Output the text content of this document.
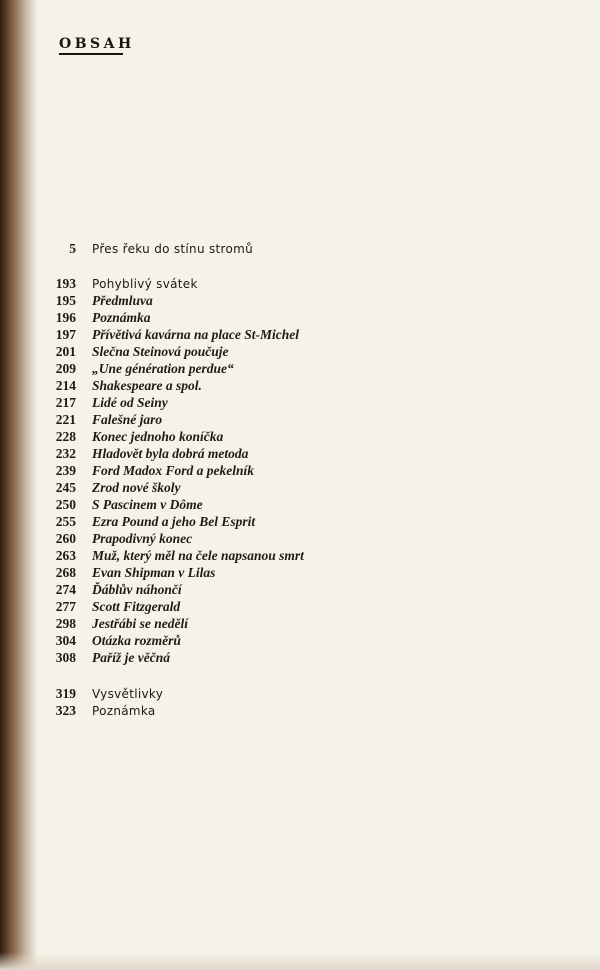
OBSAH
5 Přes řeku do stínu stromů
193 Pohyblivý svátek
195 Předmluva
196 Poznámka
197 Přívětivá kavárna na place St-Michel
201 Slečna Steinová poučuje
209 „Une génération perdue“
214 Shakespeare a spol.
217 Lidé od Seiny
221 Falešné jaro
228 Konec jednoho koníčka
232 Hladovět byla dobrá metoda
239 Ford Madox Ford a pekelník
245 Zrod nové školy
250 S Pascinem v Dôme
255 Ezra Pound a jeho Bel Esprit
260 Prapodivný konec
263 Muž, který měl na čele napsanou smrt
268 Evan Shipman v Lilas
274 Ďáblův náhončí
277 Scott Fitzgerald
298 Jestřábi se nedělí
304 Otázka rozměrů
308 Paříž je věčná
319 Vysvětlivky
323 Poznámka
